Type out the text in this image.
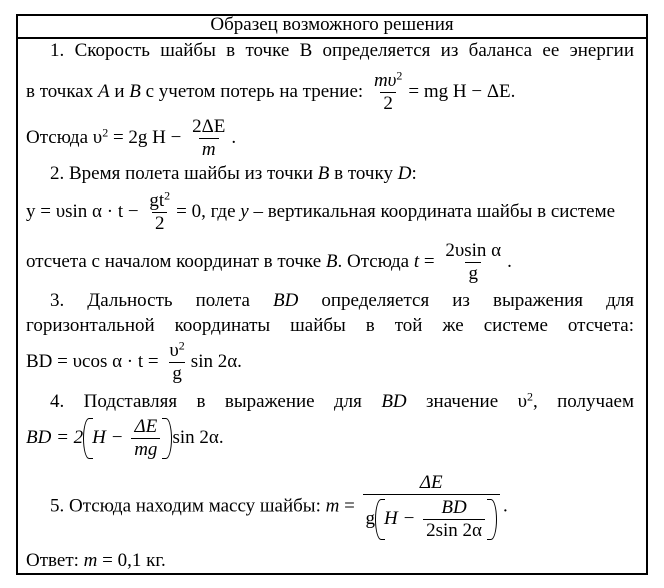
Образец возможного решения
1. Скорость шайбы в точке B определяется из баланса ее энергии
в точках A и B с учетом потерь на трение: $\frac{m\upsilon^2}{2}$ = mg H − ΔE.
Отсюда $\upsilon^2 = 2g$ $H - \frac{2\Delta E}{m}$ .
2. Время полета шайбы из точки B в точку D:
y = υsin $\alpha \cdot t - \frac{gt^2}{2} = 0$, где y – вертикальная координата шайбы в системе
отсчета с началом координат в точке B. Отсюда $t = \frac{\text{2υsin α}}{g}$ .
3. Дальность полета BD определяется из выражения для
горизонтальной координаты шайбы в той же системе отсчета:
BD = υcos $\alpha \cdot t = \frac{\upsilon^2}{g}$ sin 2α.
4. Подставляя в выражение для BD значение $\upsilon^2$, получаем
BD = 2 $H - \frac{\Delta E}{mg}$ sin 2α.
5. Отсюда находим массу шайбы: $m = \frac{\Delta E}{g H - \frac{BD}{2\sin 2\alpha}}$ .
Ответ: m = 0,1 кг.
